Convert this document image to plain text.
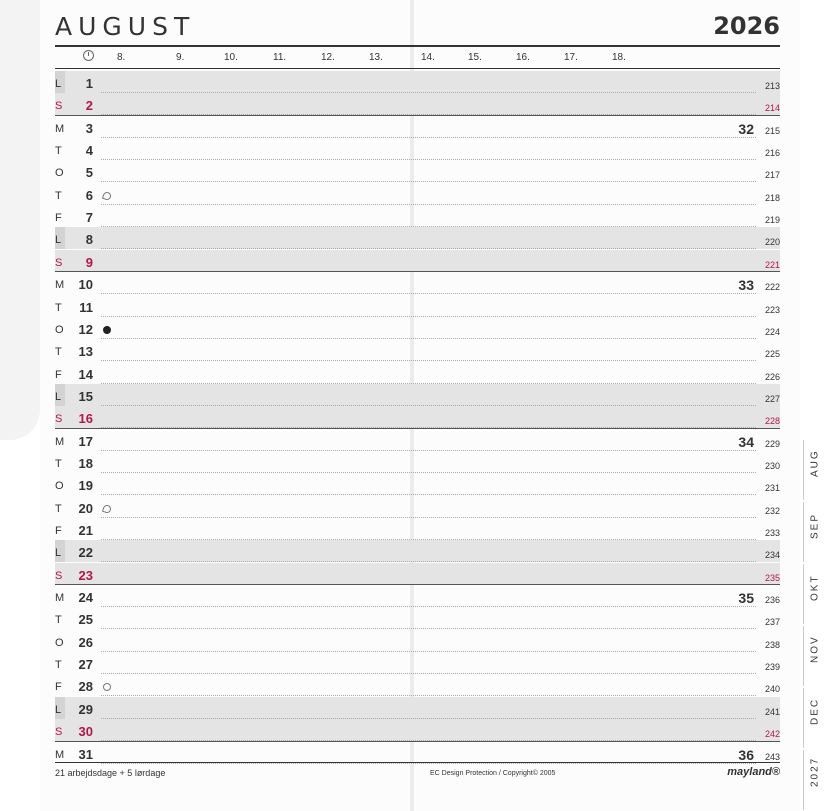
AUGUST	2026
8.	9.	10.	11.	12.	13.	14.	15.	16.	17.	18.
L 1	213
S 2	214
M 3	32 215
T 4	216
O 5	217
T 6	218
F 7	219
L 8	220
S 9	221
M 10	33 222
T 11	223
O 12	224
T 13	225
F 14	226
L 15	227
S 16	228
M 17	34 229
T 18	230
O 19	231
T 20	232
F 21	233
L 22	234
S 23	235
M 24	35 236
T 25	237
O 26	238
T 27	239
F 28	240
L 29	241
S 30	242
M 31	36 243
21 arbejdsdage + 5 lørdage	EC Design Protection / Copyright© 2005	mayland®
AUG
SEP
OKT
NOV
DEC
2027
